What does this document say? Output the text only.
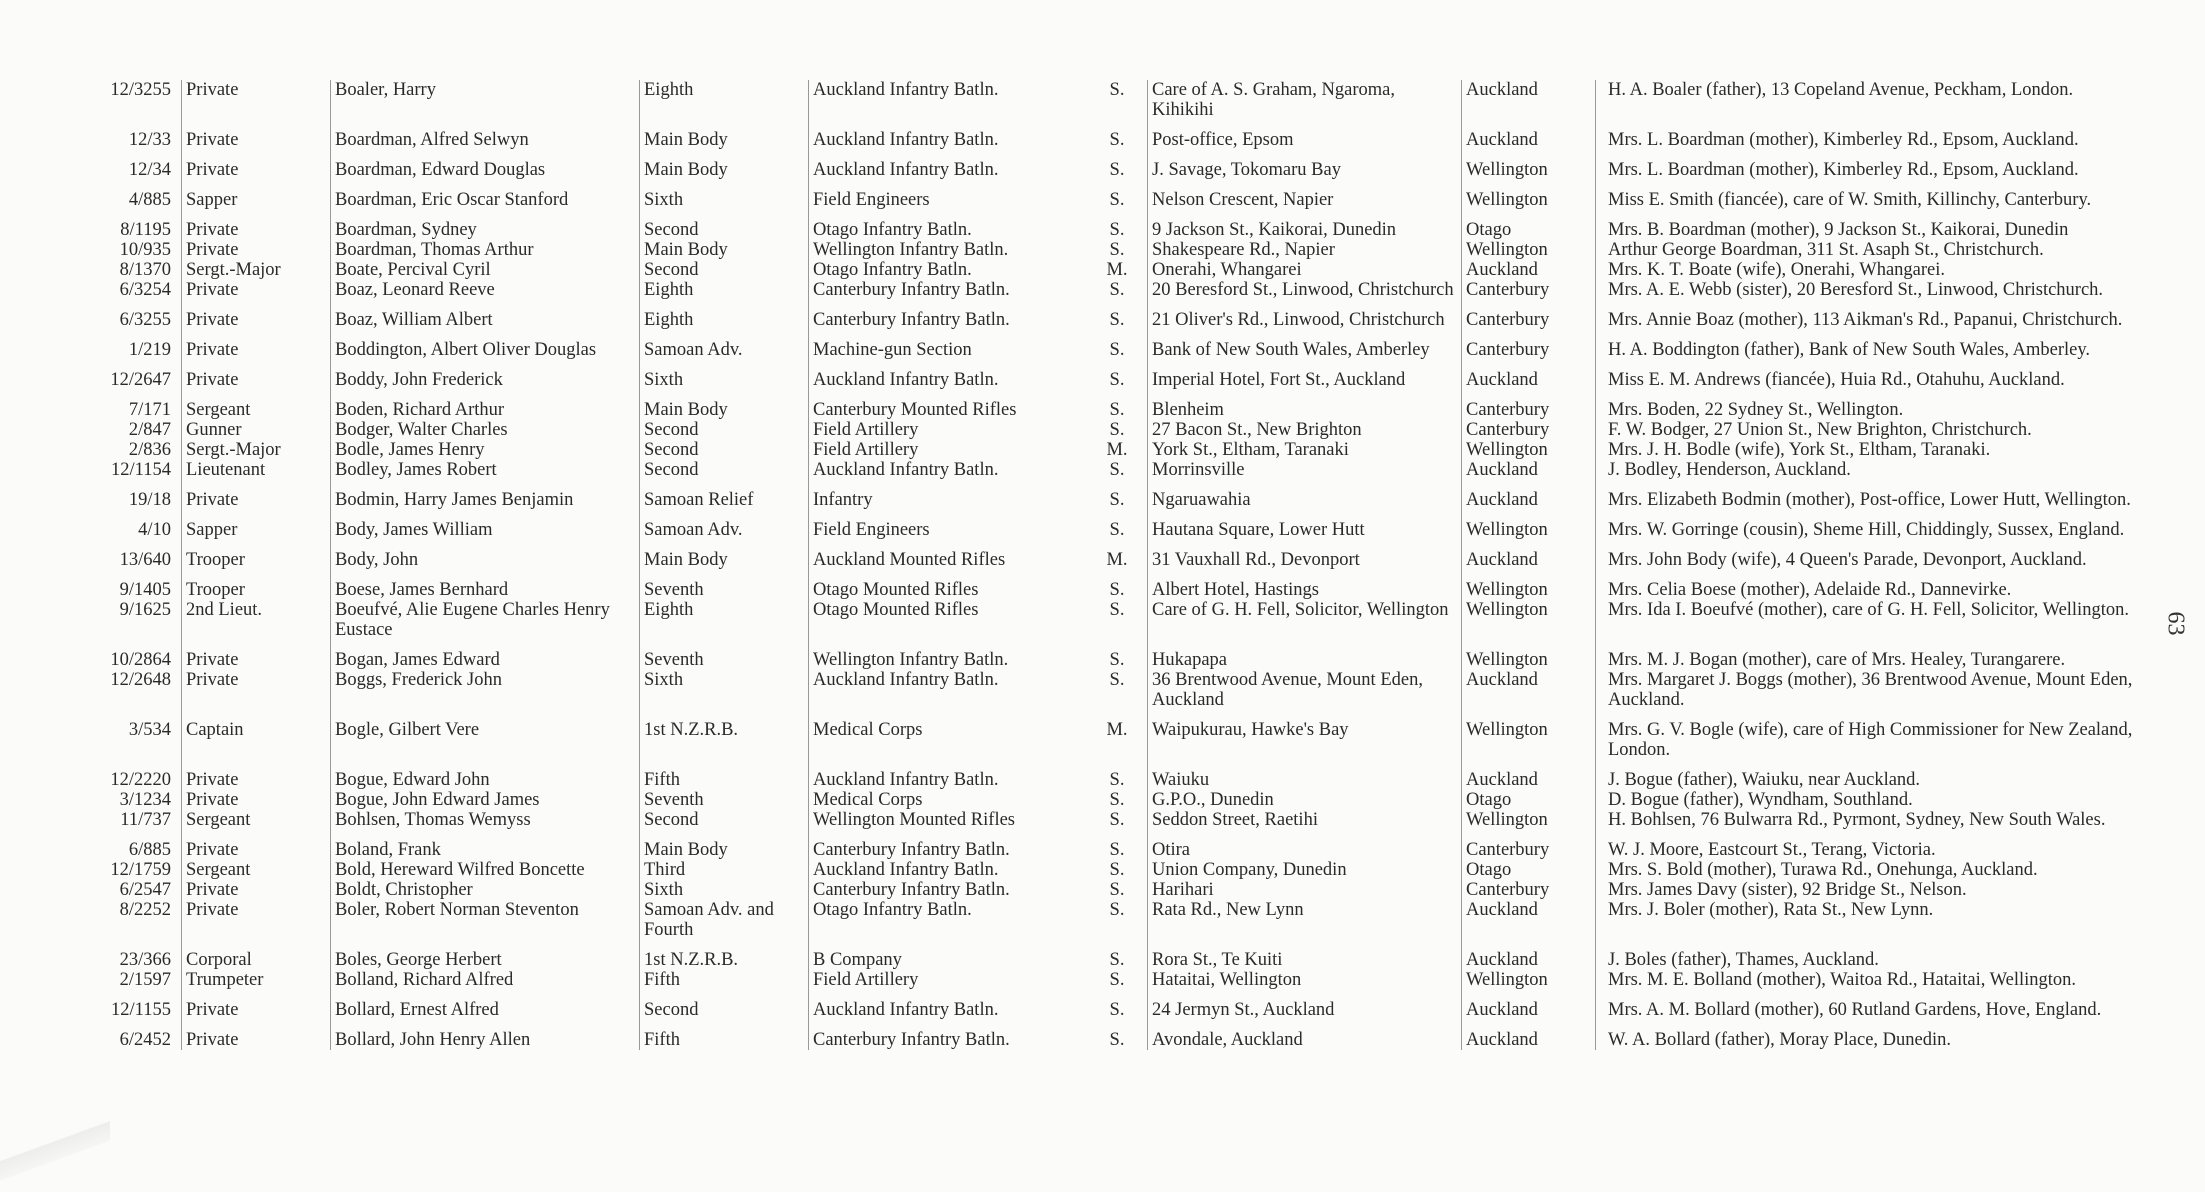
12/3255	Private	Boaler, Harry	Eighth	Auckland Infantry Batln.	S.	Care of A. S. Graham, Ngaroma, Kihikihi	Auckland	H. A. Boaler (father), 13 Copeland Avenue, Peckham, London.
12/33	Private	Boardman, Alfred Selwyn	Main Body	Auckland Infantry Batln.	S.	Post-office, Epsom	Auckland	Mrs. L. Boardman (mother), Kimberley Rd., Epsom, Auckland.
12/34	Private	Boardman, Edward Douglas	Main Body	Auckland Infantry Batln.	S.	J. Savage, Tokomaru Bay	Wellington	Mrs. L. Boardman (mother), Kimberley Rd., Epsom, Auckland.
4/885	Sapper	Boardman, Eric Oscar Stanford	Sixth	Field Engineers	S.	Nelson Crescent, Napier	Wellington	Miss E. Smith (fiancée), care of W. Smith, Killinchy, Canterbury.
8/1195	Private	Boardman, Sydney	Second	Otago Infantry Batln.	S.	9 Jackson St., Kaikorai, Dunedin	Otago	Mrs. B. Boardman (mother), 9 Jackson St., Kaikorai, Dunedin
10/935	Private	Boardman, Thomas Arthur	Main Body	Wellington Infantry Batln.	S.	Shakespeare Rd., Napier	Wellington	Arthur George Boardman, 311 St. Asaph St., Christchurch.
8/1370	Sergt.-Major	Boate, Percival Cyril	Second	Otago Infantry Batln.	M.	Onerahi, Whangarei	Auckland	Mrs. K. T. Boate (wife), Onerahi, Whangarei.
6/3254	Private	Boaz, Leonard Reeve	Eighth	Canterbury Infantry Batln.	S.	20 Beresford St., Linwood, Christchurch	Canterbury	Mrs. A. E. Webb (sister), 20 Beresford St., Linwood, Christchurch.
6/3255	Private	Boaz, William Albert	Eighth	Canterbury Infantry Batln.	S.	21 Oliver's Rd., Linwood, Christchurch	Canterbury	Mrs. Annie Boaz (mother), 113 Aikman's Rd., Papanui, Christchurch.
1/219	Private	Boddington, Albert Oliver Douglas	Samoan Adv.	Machine-gun Section	S.	Bank of New South Wales, Amberley	Canterbury	H. A. Boddington (father), Bank of New South Wales, Amberley.
12/2647	Private	Boddy, John Frederick	Sixth	Auckland Infantry Batln.	S.	Imperial Hotel, Fort St., Auckland	Auckland	Miss E. M. Andrews (fiancée), Huia Rd., Otahuhu, Auckland.
7/171	Sergeant	Boden, Richard Arthur	Main Body	Canterbury Mounted Rifles	S.	Blenheim	Canterbury	Mrs. Boden, 22 Sydney St., Wellington.
2/847	Gunner	Bodger, Walter Charles	Second	Field Artillery	S.	27 Bacon St., New Brighton	Canterbury	F. W. Bodger, 27 Union St., New Brighton, Christchurch.
2/836	Sergt.-Major	Bodle, James Henry	Second	Field Artillery	M.	York St., Eltham, Taranaki	Wellington	Mrs. J. H. Bodle (wife), York St., Eltham, Taranaki.
12/1154	Lieutenant	Bodley, James Robert	Second	Auckland Infantry Batln.	S.	Morrinsville	Auckland	J. Bodley, Henderson, Auckland.
19/18	Private	Bodmin, Harry James Benjamin	Samoan Relief	Infantry	S.	Ngaruawahia	Auckland	Mrs. Elizabeth Bodmin (mother), Post-office, Lower Hutt, Wellington.
4/10	Sapper	Body, James William	Samoan Adv.	Field Engineers	S.	Hautana Square, Lower Hutt	Wellington	Mrs. W. Gorringe (cousin), Sheme Hill, Chiddingly, Sussex, England.
13/640	Trooper	Body, John	Main Body	Auckland Mounted Rifles	M.	31 Vauxhall Rd., Devonport	Auckland	Mrs. John Body (wife), 4 Queen's Parade, Devonport, Auckland.
9/1405	Trooper	Boese, James Bernhard	Seventh	Otago Mounted Rifles	S.	Albert Hotel, Hastings	Wellington	Mrs. Celia Boese (mother), Adelaide Rd., Dannevirke.
9/1625	2nd Lieut.	Boeufvé, Alie Eugene Charles Henry Eustace	Eighth	Otago Mounted Rifles	S.	Care of G. H. Fell, Solicitor, Wellington	Wellington	Mrs. Ida I. Boeufvé (mother), care of G. H. Fell, Solicitor, Wellington.
10/2864	Private	Bogan, James Edward	Seventh	Wellington Infantry Batln.	S.	Hukapapa	Wellington	Mrs. M. J. Bogan (mother), care of Mrs. Healey, Turangarere.
12/2648	Private	Boggs, Frederick John	Sixth	Auckland Infantry Batln.	S.	36 Brentwood Avenue, Mount Eden, Auckland	Auckland	Mrs. Margaret J. Boggs (mother), 36 Brentwood Avenue, Mount Eden, Auckland.
3/534	Captain	Bogle, Gilbert Vere	1st N.Z.R.B.	Medical Corps	M.	Waipukurau, Hawke's Bay	Wellington	Mrs. G. V. Bogle (wife), care of High Commissioner for New Zealand, London.
12/2220	Private	Bogue, Edward John	Fifth	Auckland Infantry Batln.	S.	Waiuku	Auckland	J. Bogue (father), Waiuku, near Auckland.
3/1234	Private	Bogue, John Edward James	Seventh	Medical Corps	S.	G.P.O., Dunedin	Otago	D. Bogue (father), Wyndham, Southland.
11/737	Sergeant	Bohlsen, Thomas Wemyss	Second	Wellington Mounted Rifles	S.	Seddon Street, Raetihi	Wellington	H. Bohlsen, 76 Bulwarra Rd., Pyrmont, Sydney, New South Wales.
6/885	Private	Boland, Frank	Main Body	Canterbury Infantry Batln.	S.	Otira	Canterbury	W. J. Moore, Eastcourt St., Terang, Victoria.
12/1759	Sergeant	Bold, Hereward Wilfred Boncette	Third	Auckland Infantry Batln.	S.	Union Company, Dunedin	Otago	Mrs. S. Bold (mother), Turawa Rd., Onehunga, Auckland.
6/2547	Private	Boldt, Christopher	Sixth	Canterbury Infantry Batln.	S.	Harihari	Canterbury	Mrs. James Davy (sister), 92 Bridge St., Nelson.
8/2252	Private	Boler, Robert Norman Steventon	Samoan Adv. and Fourth	Otago Infantry Batln.	S.	Rata Rd., New Lynn	Auckland	Mrs. J. Boler (mother), Rata St., New Lynn.
23/366	Corporal	Boles, George Herbert	1st N.Z.R.B.	B Company	S.	Rora St., Te Kuiti	Auckland	J. Boles (father), Thames, Auckland.
2/1597	Trumpeter	Bolland, Richard Alfred	Fifth	Field Artillery	S.	Hataitai, Wellington	Wellington	Mrs. M. E. Bolland (mother), Waitoa Rd., Hataitai, Wellington.
12/1155	Private	Bollard, Ernest Alfred	Second	Auckland Infantry Batln.	S.	24 Jermyn St., Auckland	Auckland	Mrs. A. M. Bollard (mother), 60 Rutland Gardens, Hove, England.
6/2452	Private	Bollard, John Henry Allen	Fifth	Canterbury Infantry Batln.	S.	Avondale, Auckland	Auckland	W. A. Bollard (father), Moray Place, Dunedin.
63
